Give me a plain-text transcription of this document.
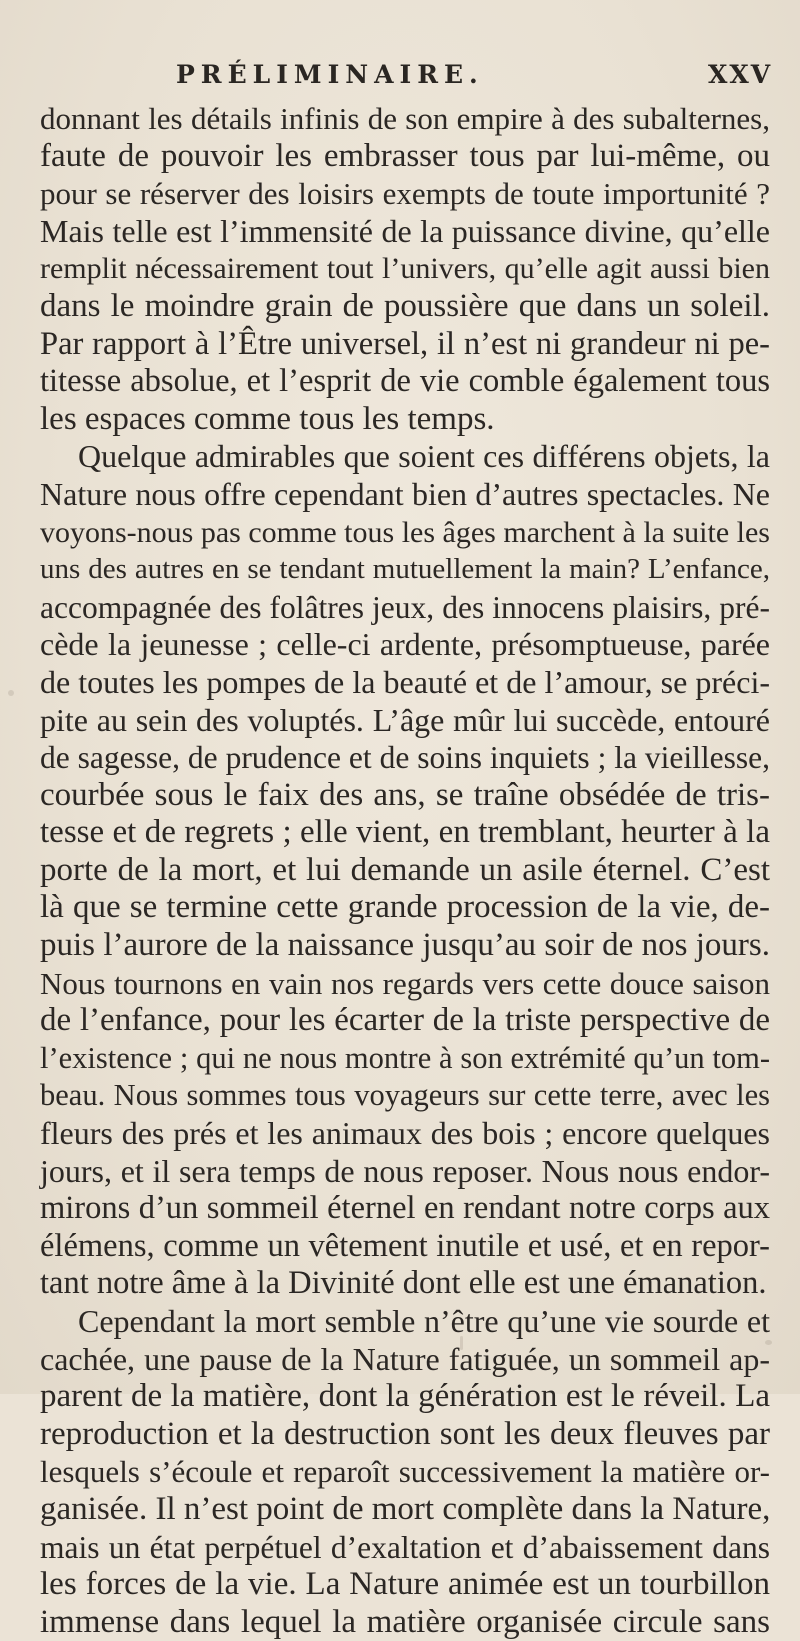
PRÉLIMINAIRE.	XXV
donnant les détails infinis de son empire à des subalternes,
faute de pouvoir les embrasser tous par lui-même, ou
pour se réserver des loisirs exempts de toute importunité ?
Mais telle est l’immensité de la puissance divine, qu’elle
remplit nécessairement tout l’univers, qu’elle agit aussi bien
dans le moindre grain de poussière que dans un soleil.
Par rapport à l’Être universel, il n’est ni grandeur ni pe-
titesse absolue, et l’esprit de vie comble également tous
les espaces comme tous les temps.
Quelque admirables que soient ces différens objets, la
Nature nous offre cependant bien d’autres spectacles. Ne
voyons-nous pas comme tous les âges marchent à la suite les
uns des autres en se tendant mutuellement la main? L’enfance,
accompagnée des folâtres jeux, des innocens plaisirs, pré-
cède la jeunesse ; celle-ci ardente, présomptueuse, parée
de toutes les pompes de la beauté et de l’amour, se préci-
pite au sein des voluptés. L’âge mûr lui succède, entouré
de sagesse, de prudence et de soins inquiets ; la vieillesse,
courbée sous le faix des ans, se traîne obsédée de tris-
tesse et de regrets ; elle vient, en tremblant, heurter à la
porte de la mort, et lui demande un asile éternel. C’est
là que se termine cette grande procession de la vie, de-
puis l’aurore de la naissance jusqu’au soir de nos jours.
Nous tournons en vain nos regards vers cette douce saison
de l’enfance, pour les écarter de la triste perspective de
l’existence ; qui ne nous montre à son extrémité qu’un tom-
beau. Nous sommes tous voyageurs sur cette terre, avec les
fleurs des prés et les animaux des bois ; encore quelques
jours, et il sera temps de nous reposer. Nous nous endor-
mirons d’un sommeil éternel en rendant notre corps aux
élémens, comme un vêtement inutile et usé, et en repor-
tant notre âme à la Divinité dont elle est une émanation.
Cependant la mort semble n’être qu’une vie sourde et
cachée, une pause de la Nature fatiguée, un sommeil ap-
parent de la matière, dont la génération est le réveil. La
reproduction et la destruction sont les deux fleuves par
lesquels s’écoule et reparoît successivement la matière or-
ganisée. Il n’est point de mort complète dans la Nature,
mais un état perpétuel d’exaltation et d’abaissement dans
les forces de la vie. La Nature animée est un tourbillon
immense dans lequel la matière organisée circule sans
